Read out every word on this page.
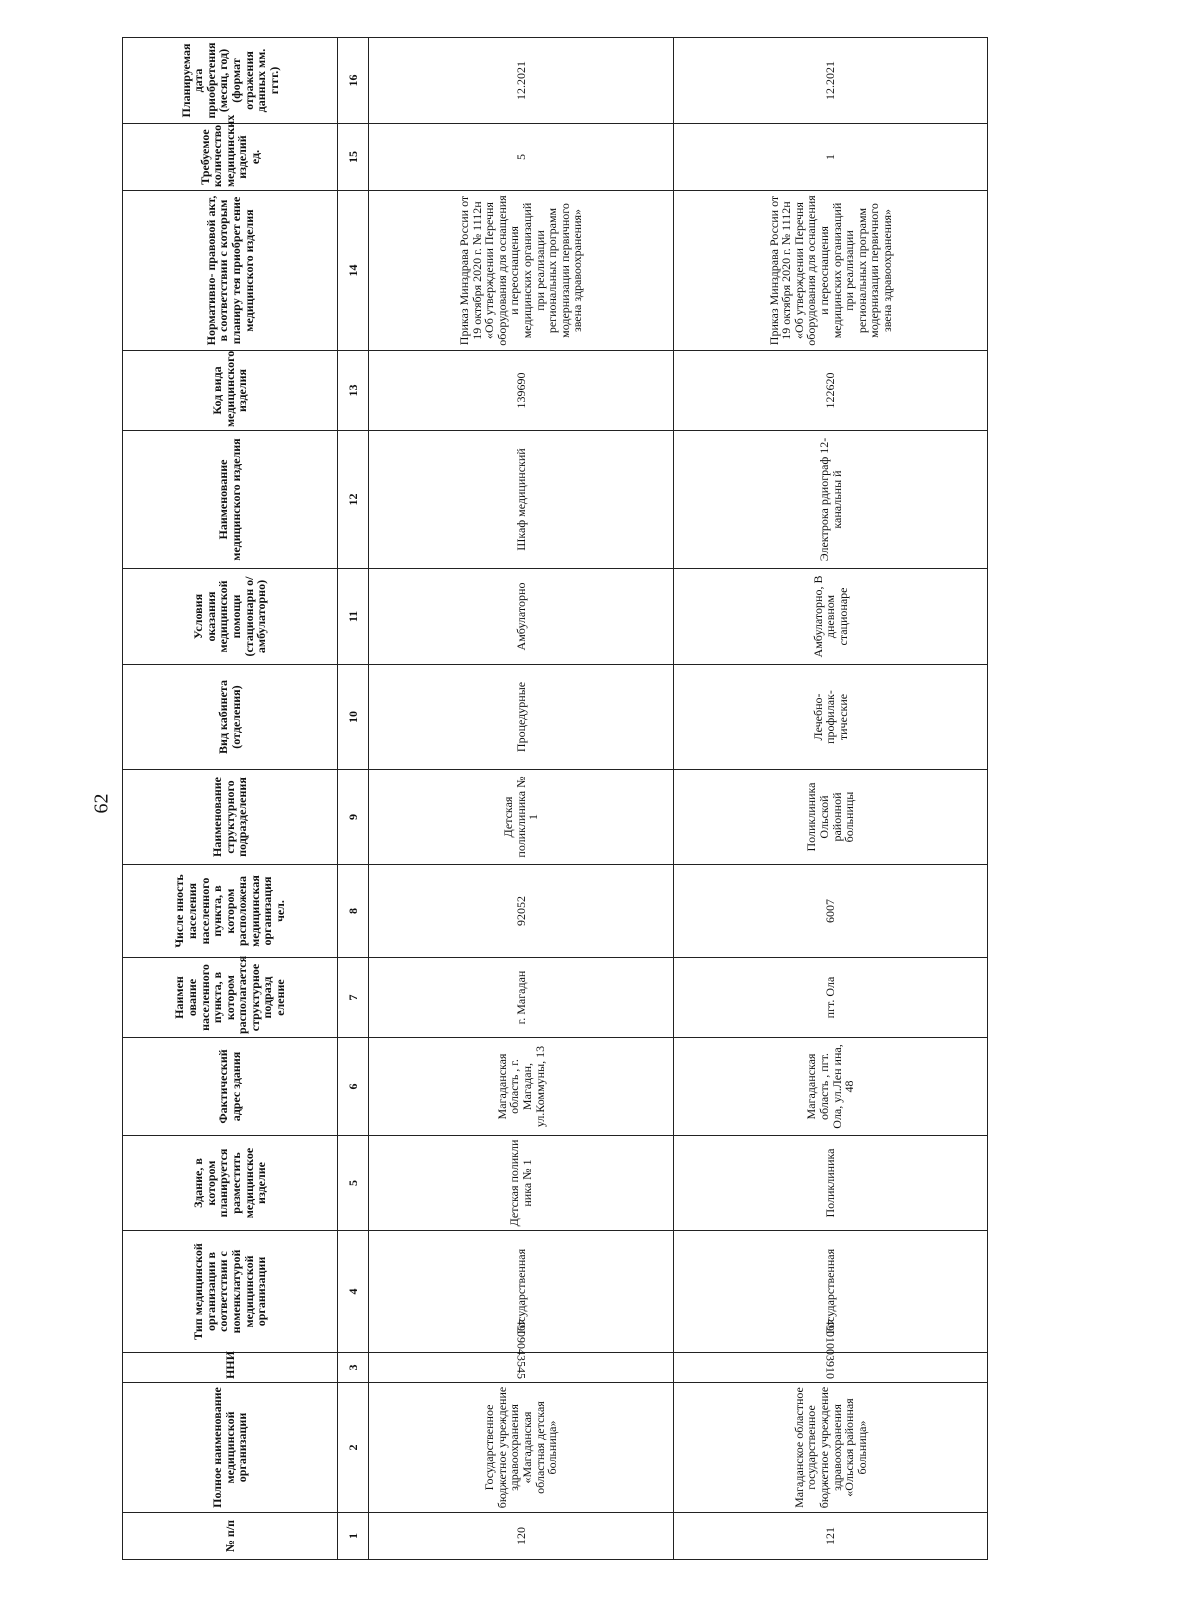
62
№ п/п	Полное наименование медицинской организации	ИНН	Тип медицинской организации в соответствии с номенклатурой медицинской организации	Здание, в котором планируется разместить медицинское изделие	Фактический адрес здания	Наимен ование населенного пункта, в котором располагается структурное подразд еление	Числе нность населения населенного пункта, в котором расположена медицинская организация чел.	Наименование структурного подразделения	Вид кабинета (отделения)	Условия оказания медицинской помощи (стационарн о/амбулаторно)	Наименование медицинского изделия	Код вида медицинского изделия	Нормативно- правовой акт, в соответствии с которым планиру тея приобрет ение медицинского изделия	Требуемое количество медицинских изделий ед.	Планируемая дата приобретения (месяц, год) (формат отражения данных мм. гггг.)
1	2	3	4	5	6	7	8	9	10	11	12	13	14	15	16
120	Государственное бюджетное учреждение здравоохранения «Магаданская областная детская больница»	4909043545	Государственная	Детская поликли ника № 1	Магаданская область , г. Магадан, ул.Коммуны, 13	г. Магадан	92052	Детская поликлиника № 1	Процедурные	Амбулаторно	Шкаф медицинский	139690	Приказ Минздрава России от 19 октября 2020 г. № 1112н «Об утверждении Перечня оборудования для оснащения и переоснащения медицинских организаций при реализации региональных программ модернизации первичного звена здравоохранения»	5	12.2021
121	Магаданское областное государственное бюджетное учреждение здравоохранения «Ольская районная больница»	4901003910	Государственная	Поликлиника	Магаданская область , пгт. Ола, ул.Лен ина, 48	пгт. Ола	6007	Поликлиника Ольской районной больницы	Лечебно-профилак-тические	Амбулаторно, В дневном стационаре	Электрока рдиограф 12-канальны й	122620	Приказ Минздрава России от 19 октября 2020 г. № 1112н «Об утверждении Перечня оборудования для оснащения и переоснащения медицинских организаций при реализации региональных программ модернизации первичного звена здравоохранения»	1	12.2021
